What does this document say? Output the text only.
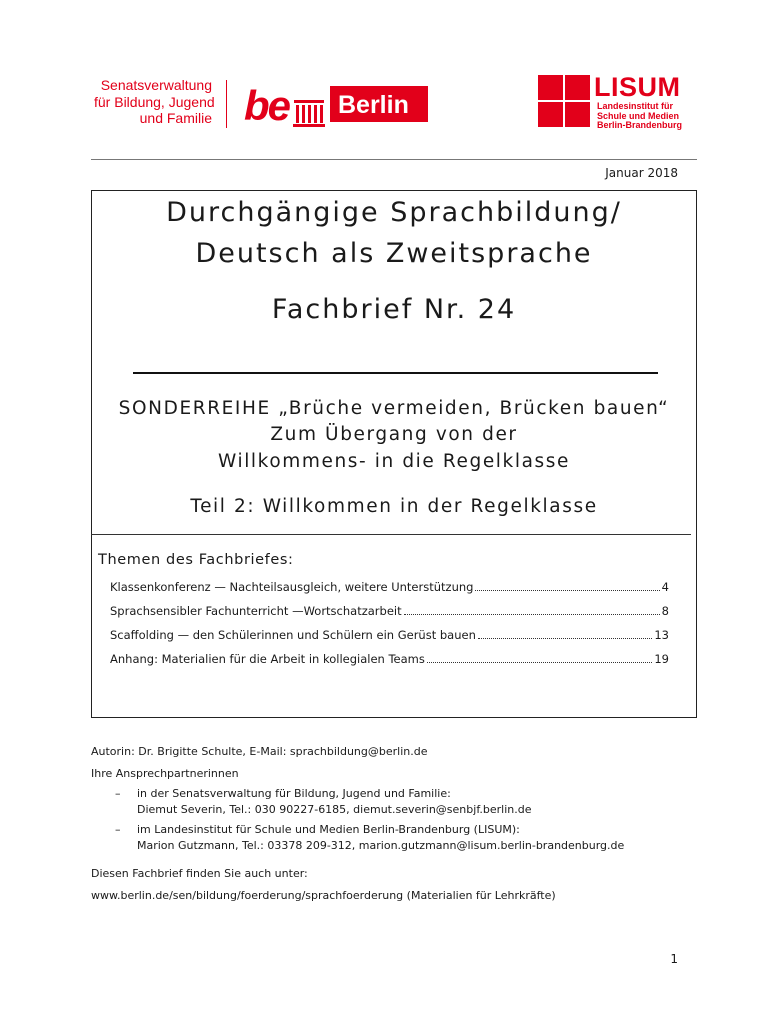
Senatsverwaltung
für Bildung, Jugend
und Familie be Berlin
LISUM
Landesinstitut für
Schule und Medien
Berlin-Brandenburg
Januar 2018
Durchgängige Sprachbildung/
Deutsch als Zweitsprache
Fachbrief Nr. 24
SONDERREIHE „Brüche vermeiden, Brücken bauen“
Zum Übergang von der
Willkommens- in die Regelklasse
Teil 2: Willkommen in der Regelklasse
Themen des Fachbriefes:
Klassenkonferenz — Nachteilsausgleich, weitere Unterstützung	4
Sprachsensibler Fachunterricht —Wortschatzarbeit	8
Scaffolding — den Schülerinnen und Schülern ein Gerüst bauen	13
Anhang: Materialien für die Arbeit in kollegialen Teams	19

Autorin: Dr. Brigitte Schulte, E-Mail: sprachbildung@berlin.de

Ihre Ansprechpartnerinnen

–	in der Senatsverwaltung für Bildung, Jugend und Familie:
Diemut Severin, Tel.: 030 90227-6185, diemut.severin@senbjf.berlin.de
–	im Landesinstitut für Schule und Medien Berlin-Brandenburg (LISUM):
Marion Gutzmann, Tel.: 03378 209-312, marion.gutzmann@lisum.berlin-brandenburg.de

Diesen Fachbrief finden Sie auch unter:

www.berlin.de/sen/bildung/foerderung/sprachfoerderung (Materialien für Lehrkräfte)

1
